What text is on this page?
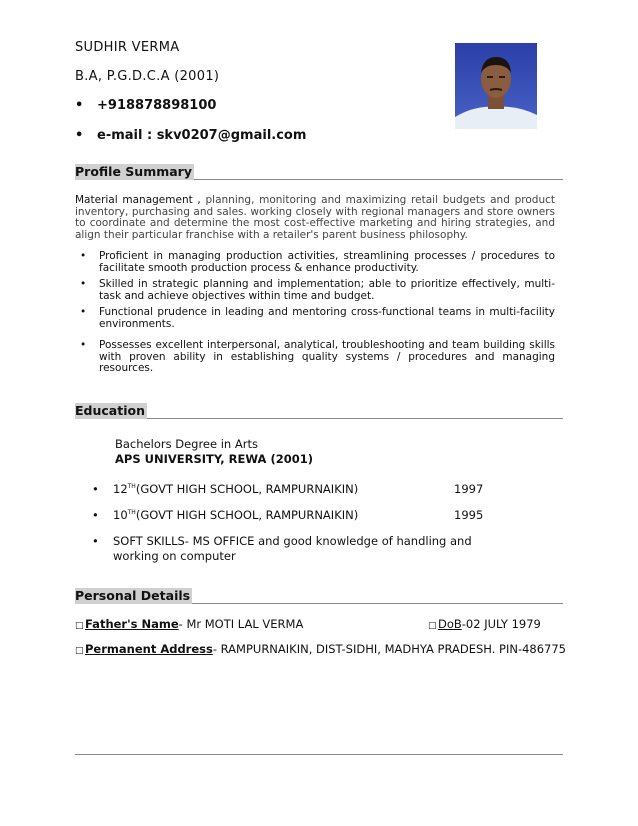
SUDHIR VERMA
B.A, P.G.D.C.A (2001)
• +918878898100
• e-mail : skv0207@gmail.com
Profile Summary
Material management , planning, monitoring and maximizing retail budgets and product inventory, purchasing and sales. working closely with regional managers and store owners to coordinate and determine the most cost-effective marketing and hiring strategies, and align their particular franchise with a retailer's parent business philosophy.
• Proficient in managing production activities, streamlining processes / procedures to facilitate smooth production process & enhance productivity.
• Skilled in strategic planning and implementation; able to prioritize effectively, multi-task and achieve objectives within time and budget.
• Functional prudence in leading and mentoring cross-functional teams in multi-facility environments.
• Possesses excellent interpersonal, analytical, troubleshooting and team building skills with proven ability in establishing quality systems / procedures and managing resources.
Education
Bachelors Degree in Arts
APS UNIVERSITY, REWA (2001)
• 12TH(GOVT HIGH SCHOOL, RAMPURNAIKIN)	1997
• 10TH(GOVT HIGH SCHOOL, RAMPURNAIKIN)	1995
• SOFT SKILLS- MS OFFICE and good knowledge of handling and working on computer
Personal Details
□Father's Name- Mr MOTI LAL VERMA	□DoB-02 JULY 1979
□Permanent Address- RAMPURNAIKIN, DIST-SIDHI, MADHYA PRADESH. PIN-486775
